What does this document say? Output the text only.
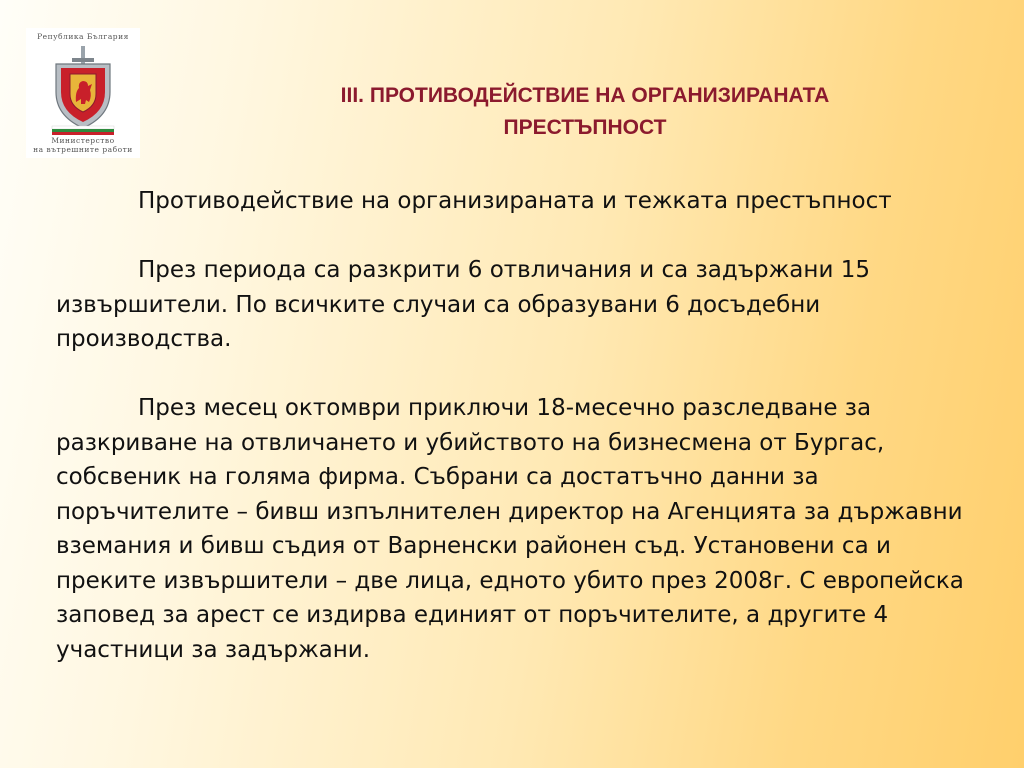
Република България
Министерство
на вътрешните работи
III. ПРОТИВОДЕЙСТВИЕ НА ОРГАНИЗИРАНАТА
ПРЕСТЪПНОСТ

Противодействие на организираната и тежката престъпност

През периода са разкрити 6 отвличания и са задържани 15 извършители. По всичките случаи са образувани 6 досъдебни производства.

През месец октомври приключи 18-месечно разследване за разкриване на отвличането и убийството на бизнесмена от Бургас, собсвеник на голяма фирма. Събрани са достатъчно данни за поръчителите – бивш изпълнителен директор на Агенцията за държавни вземания и бивш съдия от Варненски районен съд. Установени са и преките извършители – две лица, едното убито през 2008г. С европейска заповед за арест се издирва единият от поръчителите, а другите 4 участници за задържани.
